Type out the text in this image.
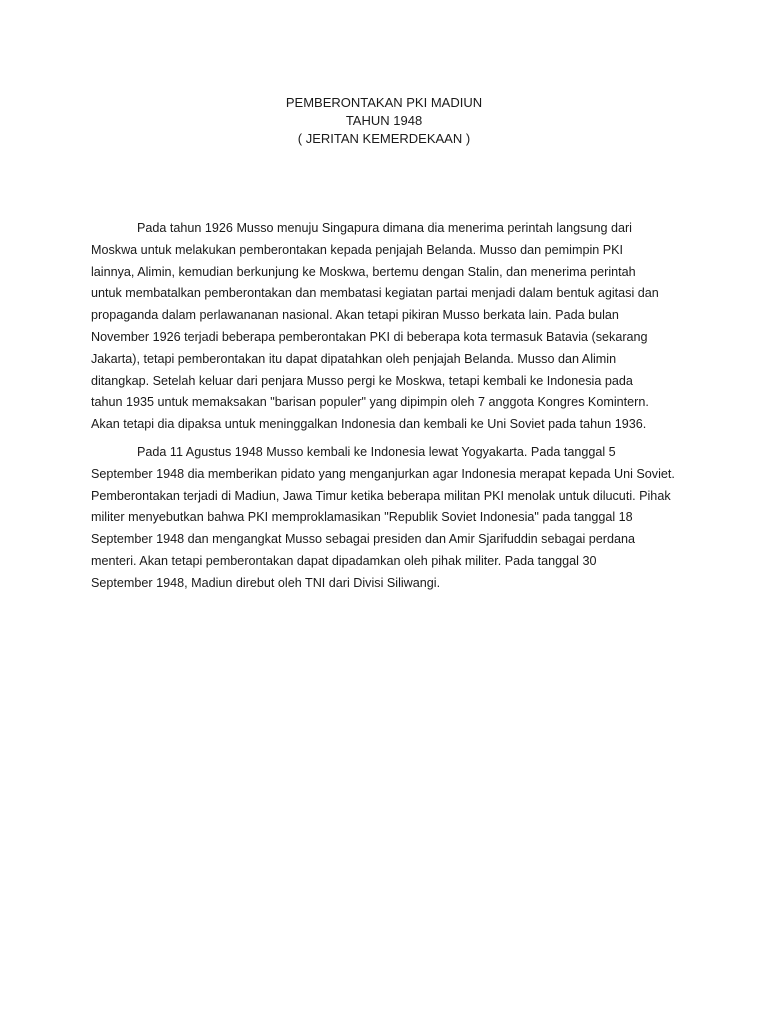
PEMBERONTAKAN PKI MADIUN
TAHUN 1948
( JERITAN KEMERDEKAAN )

Pada tahun 1926 Musso menuju Singapura dimana dia menerima perintah langsung dari
Moskwa untuk melakukan pemberontakan kepada penjajah Belanda. Musso dan pemimpin PKI
lainnya, Alimin, kemudian berkunjung ke Moskwa, bertemu dengan Stalin, dan menerima perintah
untuk membatalkan pemberontakan dan membatasi kegiatan partai menjadi dalam bentuk agitasi dan
propaganda dalam perlawananan nasional. Akan tetapi pikiran Musso berkata lain. Pada bulan
November 1926 terjadi beberapa pemberontakan PKI di beberapa kota termasuk Batavia (sekarang
Jakarta), tetapi pemberontakan itu dapat dipatahkan oleh penjajah Belanda. Musso dan Alimin
ditangkap. Setelah keluar dari penjara Musso pergi ke Moskwa, tetapi kembali ke Indonesia pada
tahun 1935 untuk memaksakan "barisan populer" yang dipimpin oleh 7 anggota Kongres Komintern.
Akan tetapi dia dipaksa untuk meninggalkan Indonesia dan kembali ke Uni Soviet pada tahun 1936.

Pada 11 Agustus 1948 Musso kembali ke Indonesia lewat Yogyakarta. Pada tanggal 5
September 1948 dia memberikan pidato yang menganjurkan agar Indonesia merapat kepada Uni Soviet.
Pemberontakan terjadi di Madiun, Jawa Timur ketika beberapa militan PKI menolak untuk dilucuti. Pihak
militer menyebutkan bahwa PKI memproklamasikan "Republik Soviet Indonesia" pada tanggal 18
September 1948 dan mengangkat Musso sebagai presiden dan Amir Sjarifuddin sebagai perdana
menteri. Akan tetapi pemberontakan dapat dipadamkan oleh pihak militer. Pada tanggal 30
September 1948, Madiun direbut oleh TNI dari Divisi Siliwangi.
